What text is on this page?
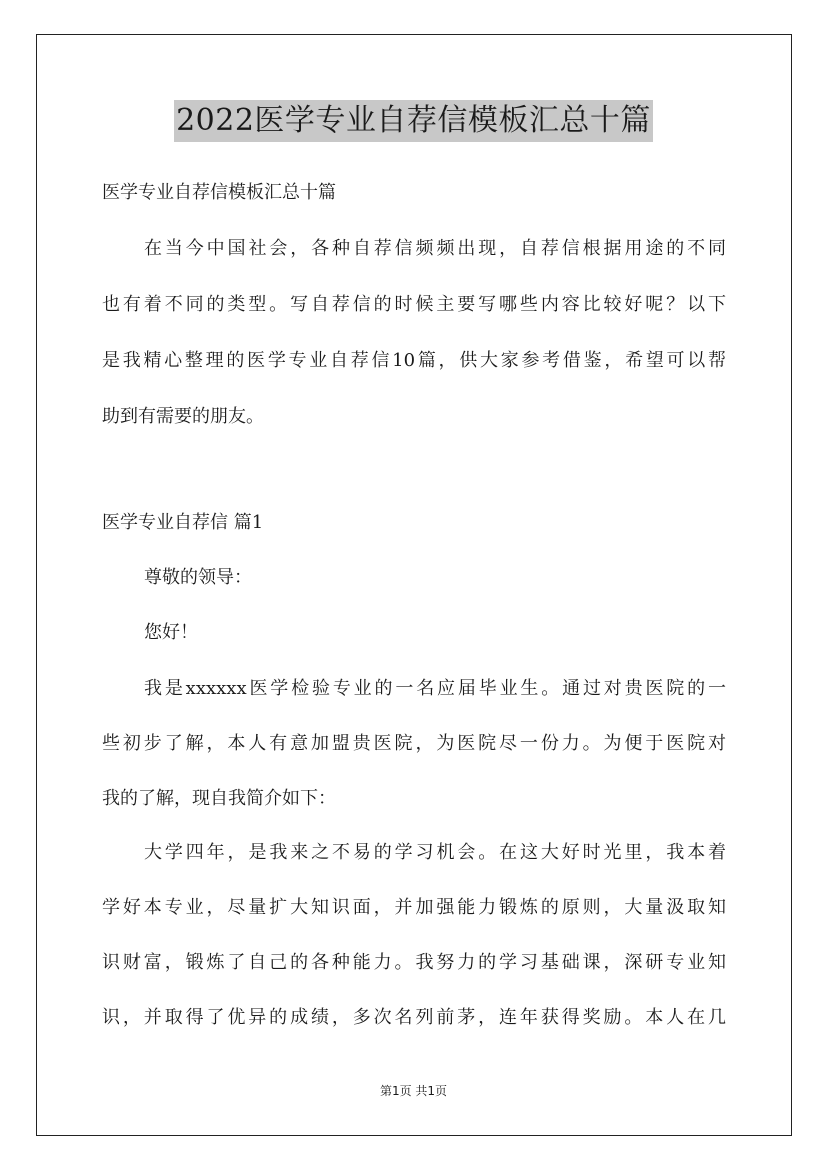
2022医学专业自荐信模板汇总十篇
医学专业自荐信模板汇总十篇
在当今中国社会，各种自荐信频频出现，自荐信根据用途的不同
也有着不同的类型。写自荐信的时候主要写哪些内容比较好呢？以下
是我精心整理的医学专业自荐信10篇，供大家参考借鉴，希望可以帮
助到有需要的朋友。
医学专业自荐信 篇1
尊敬的领导：
您好！
我是xxxxxx医学检验专业的一名应届毕业生。通过对贵医院的一
些初步了解，本人有意加盟贵医院，为医院尽一份力。为便于医院对
我的了解，现自我简介如下：
大学四年，是我来之不易的学习机会。在这大好时光里，我本着
学好本专业，尽量扩大知识面，并加强能力锻炼的原则，大量汲取知
识财富，锻炼了自己的各种能力。我努力的学习基础课，深研专业知
识，并取得了优异的成绩，多次名列前茅，连年获得奖励。本人在几
第1页 共1页
